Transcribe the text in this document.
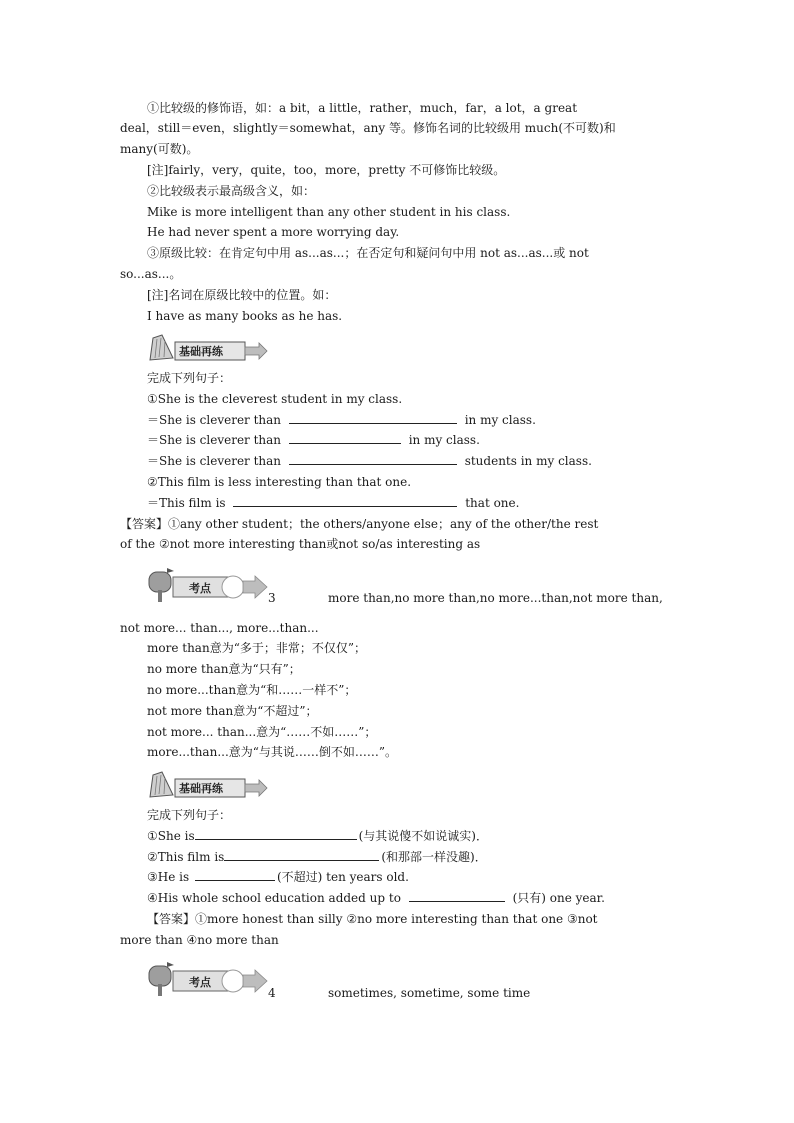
①比较级的修饰语，如：a bit，a little，rather，much，far，a lot，a great
deal，still＝even，slightly＝somewhat，any 等。修饰名词的比较级用 much(不可数)和
many(可数)。
[注]fairly，very，quite，too，more，pretty 不可修饰比较级。
②比较级表示最高级含义，如：
Mike is more intelligent than any other student in his class.
He had never spent a more worrying day.
③原级比较：在肯定句中用 as...as...；在否定句和疑问句中用 not as...as...或 not
so...as...。
[注]名词在原级比较中的位置。如：
I have as many books as he has.
基础再练
完成下列句子：
①She is the cleverest student in my class.
＝She is cleverer than	in my class.
＝She is cleverer than	in my class.
＝She is cleverer than	students in my class.
②This film is less interesting than that one.
＝This film is	that one.
【答案】①any other student；the others/anyone else；any of the other/the rest
of the ②not more interesting than或not so/as interesting as
考点
3	more than,no more than,no more...than,not more than,
not more... than..., more...than...
more than意为“多于；非常；不仅仅”；
no more than意为“只有”；
no more...than意为“和……一样不”；
not more than意为“不超过”；
not more... than...意为“……不如……”；
more...than...意为“与其说……倒不如……”。
基础再练
完成下列句子：
①She is	(与其说傻不如说诚实)．
②This film is	(和那部一样没趣)．
③He is	(不超过) ten years old.
④His whole school education added up to	(只有) one year.
【答案】①more honest than silly ②no more interesting than that one ③not
more than ④no more than
考点
4	sometimes, sometime, some time
